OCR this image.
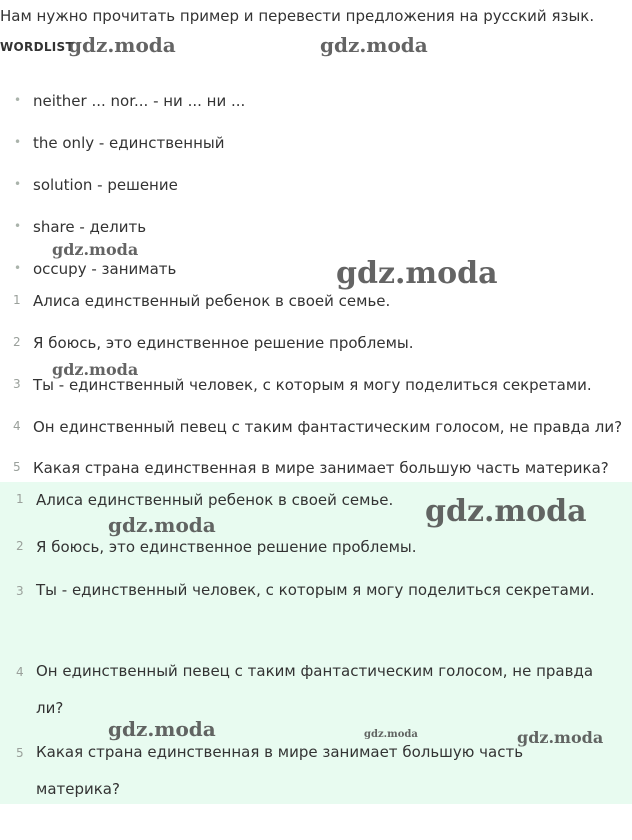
Нам нужно прочитать пример и перевести предложения на русский язык.
WORDLIST
• neither ... nor... - ни ... ни ...
• the only - единственный
• solution - решение
• share - делить
• occupy - занимать
1 Алиса единственный ребенок в своей семье.
2 Я боюсь, это единственное решение проблемы.
3 Ты - единственный человек, с которым я могу поделиться секретами.
4 Он единственный певец с таким фантастическим голосом, не правда ли?
5 Какая страна единственная в мире занимает большую часть материка?
1 Алиса единственный ребенок в своей семье.
2 Я боюсь, это единственное решение проблемы.
3 Ты - единственный человек, с которым я могу поделиться секретами.
4 Он единственный певец с таким фантастическим голосом, не правда ли?
5 Какая страна единственная в мире занимает большую часть материка?
gdz.moda	gdz.moda
gdz.moda
gdz.moda
gdz.moda
gdz.moda
gdz.moda
gdz.moda	gdz.moda	gdz.moda
